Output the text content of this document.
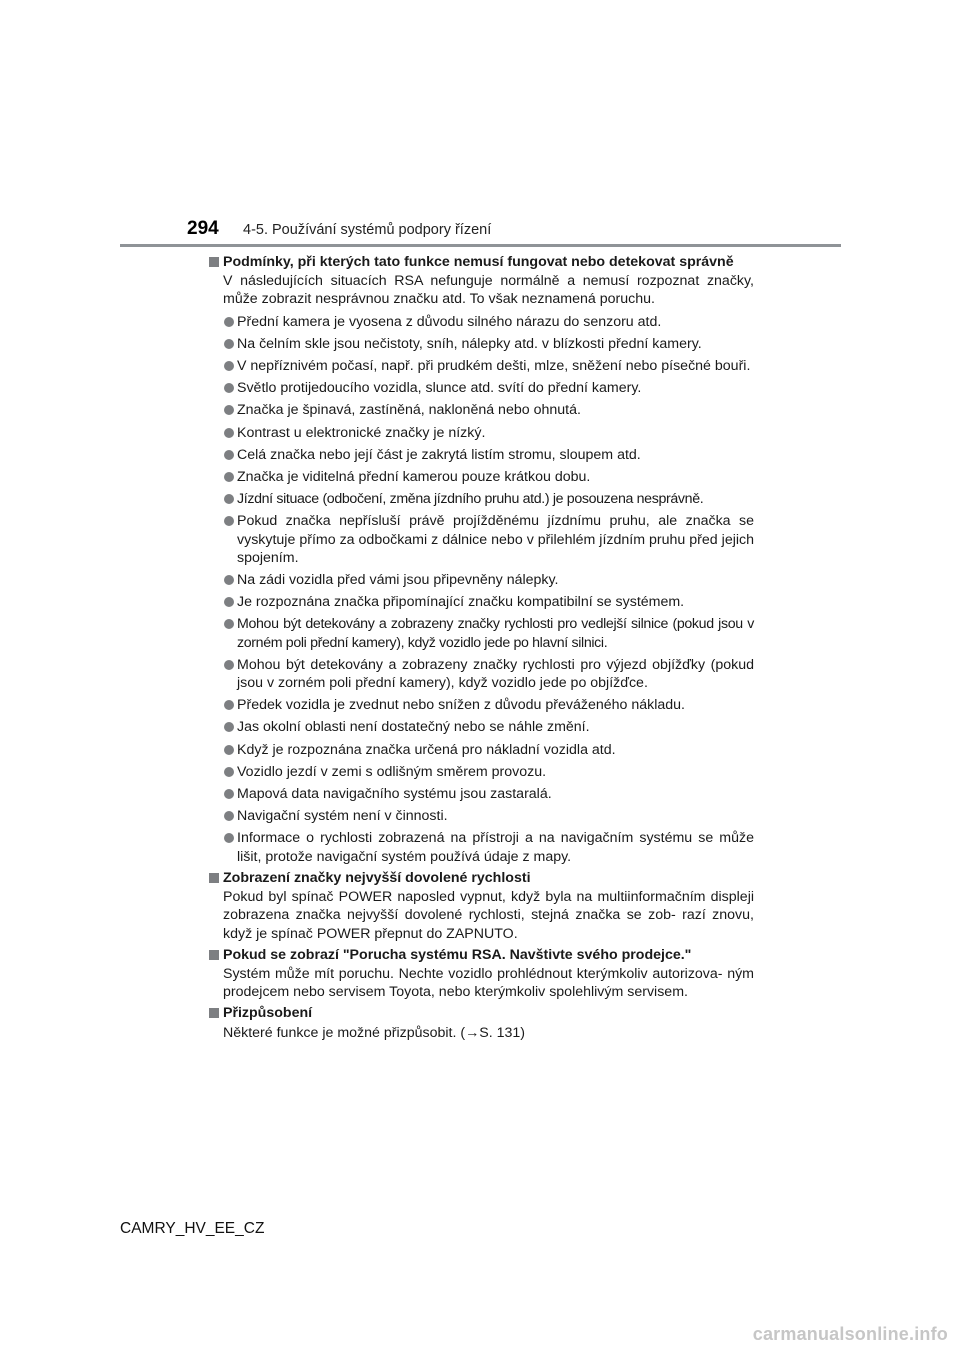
294 4-5. Používání systémů podpory řízení
Podmínky, při kterých tato funkce nemusí fungovat nebo detekovat správně
V následujících situacích RSA nefunguje normálně a nemusí rozpoznat značky, může zobrazit nesprávnou značku atd. To však neznamená poruchu.
Přední kamera je vyosena z důvodu silného nárazu do senzoru atd.
Na čelním skle jsou nečistoty, sníh, nálepky atd. v blízkosti přední kamery.
V nepříznivém počasí, např. při prudkém dešti, mlze, sněžení nebo písečné bouři.
Světlo protijedoucího vozidla, slunce atd. svítí do přední kamery.
Značka je špinavá, zastíněná, nakloněná nebo ohnutá.
Kontrast u elektronické značky je nízký.
Celá značka nebo její část je zakrytá listím stromu, sloupem atd.
Značka je viditelná přední kamerou pouze krátkou dobu.
Jízdní situace (odbočení, změna jízdního pruhu atd.) je posouzena nesprávně.
Pokud značka nepřísluší právě projížděnému jízdnímu pruhu, ale značka se vyskytuje přímo za odbočkami z dálnice nebo v přilehlém jízdním pruhu před jejich spojením.
Na zádi vozidla před vámi jsou připevněny nálepky.
Je rozpoznána značka připomínající značku kompatibilní se systémem.
Mohou být detekovány a zobrazeny značky rychlosti pro vedlejší silnice (pokud jsou v zorném poli přední kamery), když vozidlo jede po hlavní silnici.
Mohou být detekovány a zobrazeny značky rychlosti pro výjezd objížďky (pokud jsou v zorném poli přední kamery), když vozidlo jede po objížďce.
Předek vozidla je zvednut nebo snížen z důvodu převáženého nákladu.
Jas okolní oblasti není dostatečný nebo se náhle změní.
Když je rozpoznána značka určená pro nákladní vozidla atd.
Vozidlo jezdí v zemi s odlišným směrem provozu.
Mapová data navigačního systému jsou zastaralá.
Navigační systém není v činnosti.
Informace o rychlosti zobrazená na přístroji a na navigačním systému se může lišit, protože navigační systém používá údaje z mapy.
Zobrazení značky nejvyšší dovolené rychlosti
Pokud byl spínač POWER naposled vypnut, když byla na multiinformačním displeji zobrazena značka nejvyšší dovolené rychlosti, stejná značka se zob- razí znovu, když je spínač POWER přepnut do ZAPNUTO.
Pokud se zobrazí "Porucha systému RSA. Navštivte svého prodejce."
Systém může mít poruchu. Nechte vozidlo prohlédnout kterýmkoliv autorizova- ným prodejcem nebo servisem Toyota, nebo kterýmkoliv spolehlivým servisem.
Přizpůsobení
Některé funkce je možné přizpůsobit. (→S. 131)
CAMRY_HV_EE_CZ
carmanualsonline.info
